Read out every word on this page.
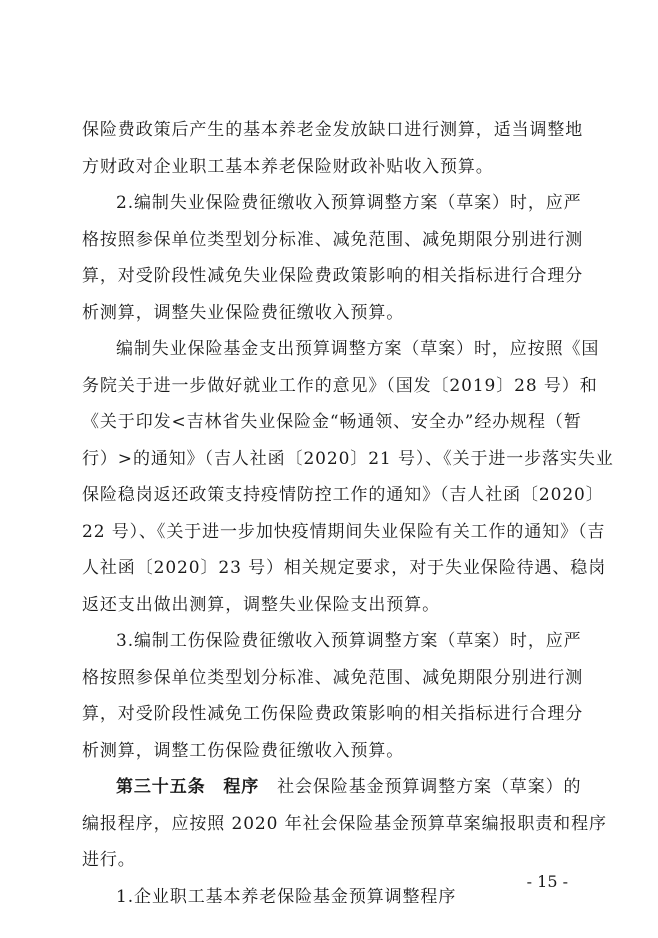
保险费政策后产生的基本养老金发放缺口进行测算，适当调整地
方财政对企业职工基本养老保险财政补贴收入预算。
2.编制失业保险费征缴收入预算调整方案（草案）时，应严
格按照参保单位类型划分标准、减免范围、减免期限分别进行测
算，对受阶段性减免失业保险费政策影响的相关指标进行合理分
析测算，调整失业保险费征缴收入预算。
编制失业保险基金支出预算调整方案（草案）时，应按照《国
务院关于进一步做好就业工作的意见》（国发〔2019〕28 号）和
《关于印发<吉林省失业保险金“畅通领、安全办”经办规程（暂
行）>的通知》（吉人社函〔2020〕21 号）、《关于进一步落实失业
保险稳岗返还政策支持疫情防控工作的通知》（吉人社函〔2020〕
22 号）、《关于进一步加快疫情期间失业保险有关工作的通知》（吉
人社函〔2020〕23 号）相关规定要求，对于失业保险待遇、稳岗
返还支出做出测算，调整失业保险支出预算。
3.编制工伤保险费征缴收入预算调整方案（草案）时，应严
格按照参保单位类型划分标准、减免范围、减免期限分别进行测
算，对受阶段性减免工伤保险费政策影响的相关指标进行合理分
析测算，调整工伤保险费征缴收入预算。
第三十五条　程序　 社会保险基金预算调整方案（草案）的
编报程序，应按照 2020 年社会保险基金预算草案编报职责和程序
进行。
1.企业职工基本养老保险基金预算调整程序
- 15 -
